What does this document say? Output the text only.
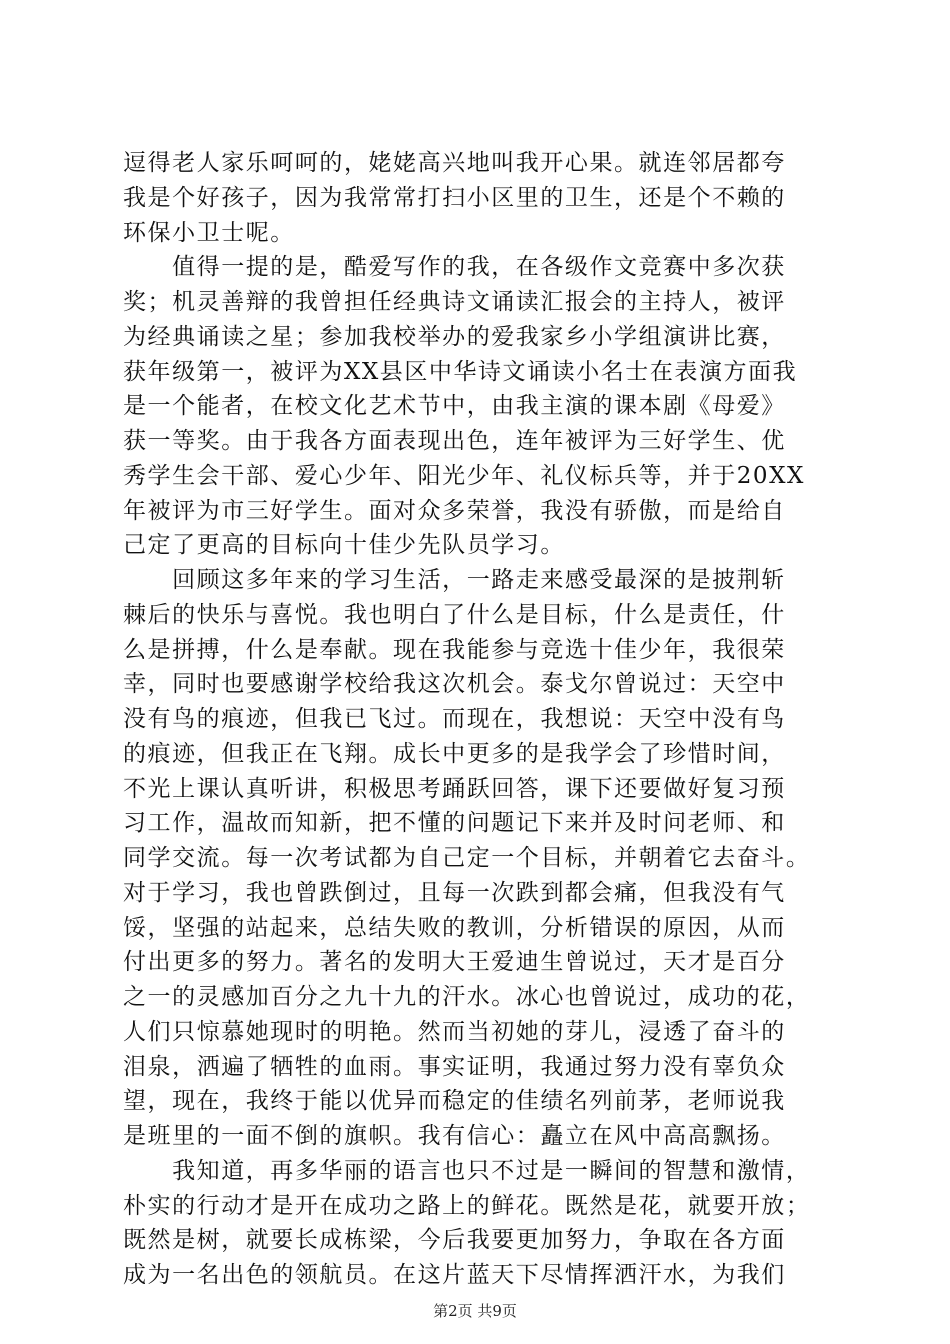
逗得老人家乐呵呵的，姥姥高兴地叫我开心果。就连邻居都夸
我是个好孩子，因为我常常打扫小区里的卫生，还是个不赖的
环保小卫士呢。
　　值得一提的是，酷爱写作的我，在各级作文竞赛中多次获
奖；机灵善辩的我曾担任经典诗文诵读汇报会的主持人，被评
为经典诵读之星；参加我校举办的爱我家乡小学组演讲比赛，
获年级第一，被评为XX县区中华诗文诵读小名士在表演方面我
是一个能者，在校文化艺术节中，由我主演的课本剧《母爱》
获一等奖。由于我各方面表现出色，连年被评为三好学生、优
秀学生会干部、爱心少年、阳光少年、礼仪标兵等，并于20XX
年被评为市三好学生。面对众多荣誉，我没有骄傲，而是给自
己定了更高的目标向十佳少先队员学习。
　　回顾这多年来的学习生活，一路走来感受最深的是披荆斩
棘后的快乐与喜悦。我也明白了什么是目标，什么是责任，什
么是拼搏，什么是奉献。现在我能参与竞选十佳少年，我很荣
幸，同时也要感谢学校给我这次机会。泰戈尔曾说过：天空中
没有鸟的痕迹，但我已飞过。而现在，我想说：天空中没有鸟
的痕迹，但我正在飞翔。成长中更多的是我学会了珍惜时间，
不光上课认真听讲，积极思考踊跃回答，课下还要做好复习预
习工作，温故而知新，把不懂的问题记下来并及时问老师、和
同学交流。每一次考试都为自己定一个目标，并朝着它去奋斗。
对于学习，我也曾跌倒过，且每一次跌到都会痛，但我没有气
馁，坚强的站起来，总结失败的教训，分析错误的原因，从而
付出更多的努力。著名的发明大王爱迪生曾说过，天才是百分
之一的灵感加百分之九十九的汗水。冰心也曾说过，成功的花，
人们只惊慕她现时的明艳。然而当初她的芽儿，浸透了奋斗的
泪泉，洒遍了牺牲的血雨。事实证明，我通过努力没有辜负众
望，现在，我终于能以优异而稳定的佳绩名列前茅，老师说我
是班里的一面不倒的旗帜。我有信心：矗立在风中高高飘扬。
　　我知道，再多华丽的语言也只不过是一瞬间的智慧和激情，
朴实的行动才是开在成功之路上的鲜花。既然是花，就要开放；
既然是树，就要长成栋梁，今后我要更加努力，争取在各方面
成为一名出色的领航员。在这片蓝天下尽情挥洒汗水，为我们
第2页 共9页
